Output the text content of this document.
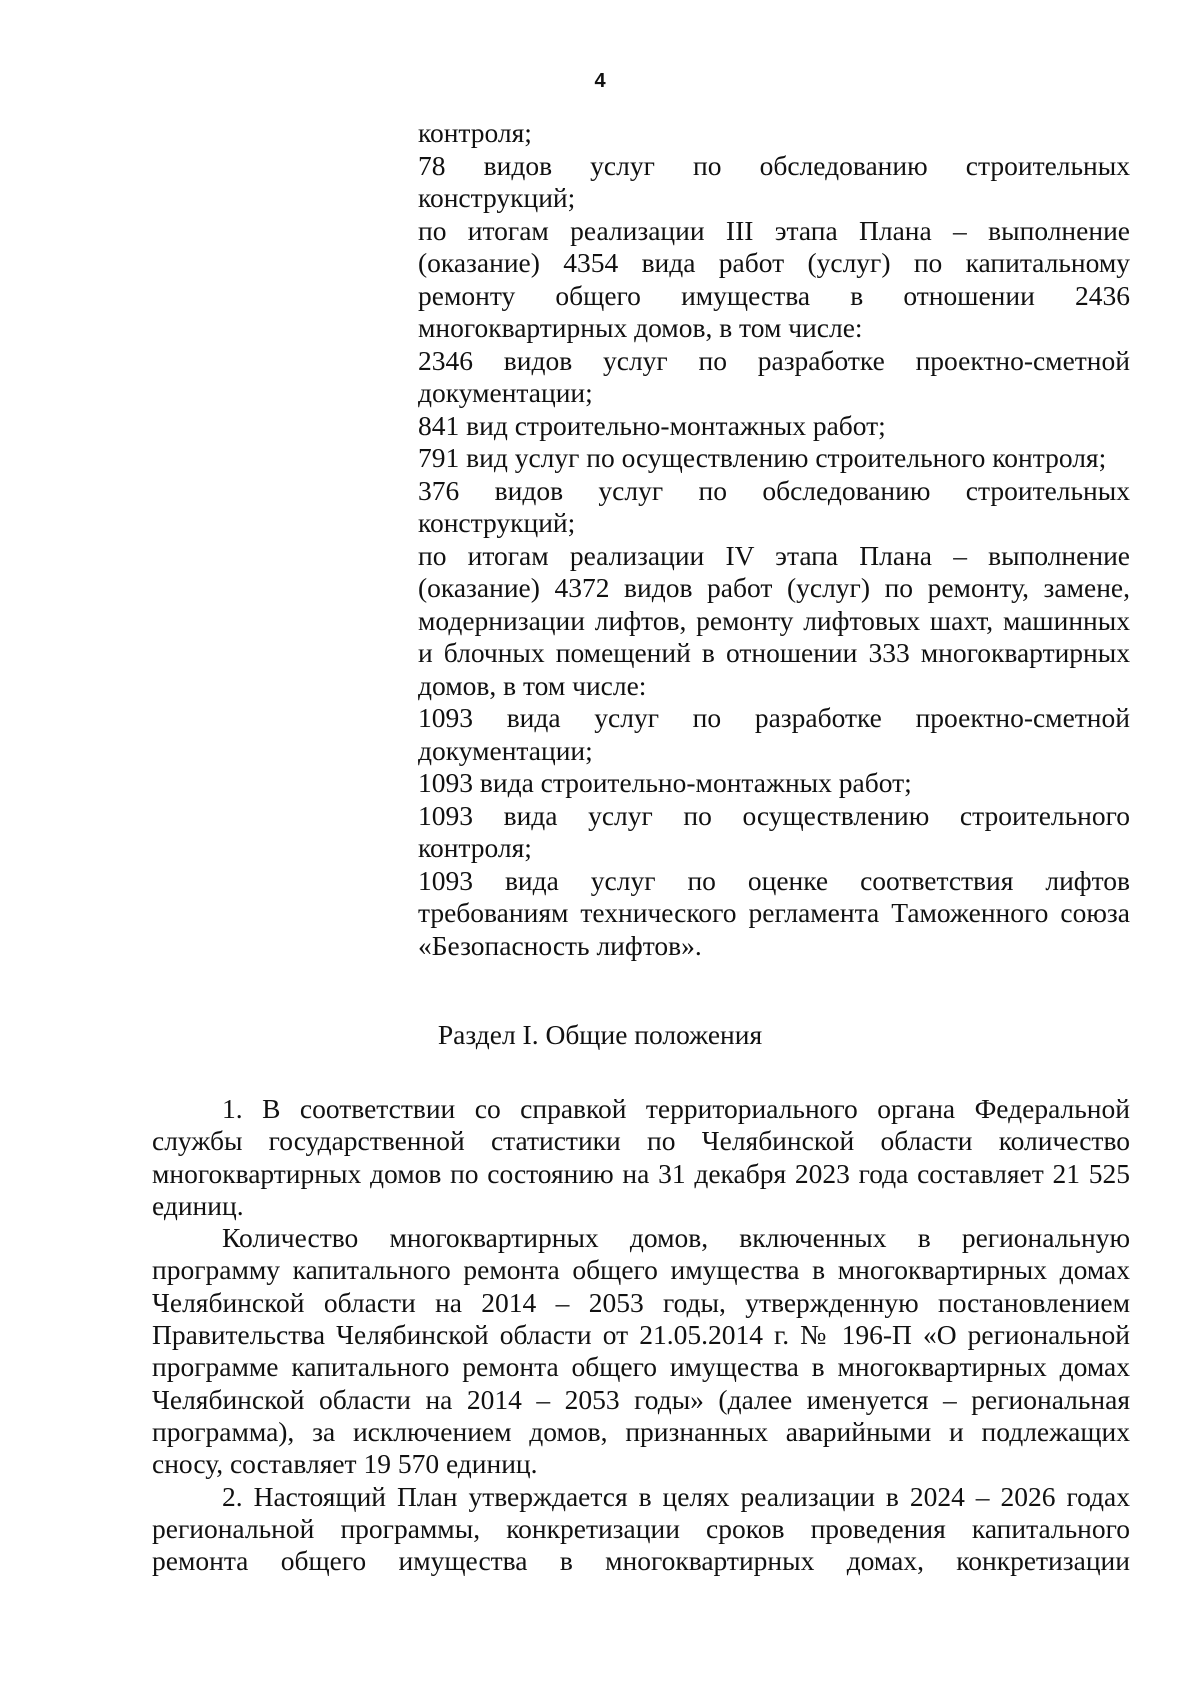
4

контроля;

78 видов услуг по обследованию строительных конструкций;

по итогам реализации III этапа Плана – выполнение (оказание) 4354 вида работ (услуг) по капитальному ремонту общего имущества в отношении 2436 многоквартирных домов, в том числе:

2346 видов услуг по разработке проектно-сметной документации;

841 вид строительно-монтажных работ;

791 вид услуг по осуществлению строительного контроля;

376 видов услуг по обследованию строительных конструкций;

по итогам реализации IV этапа Плана – выполнение (оказание) 4372 видов работ (услуг) по ремонту, замене, модернизации лифтов, ремонту лифтовых шахт, машинных и блочных помещений в отношении 333 многоквартирных домов, в том числе:

1093 вида услуг по разработке проектно-сметной документации;

1093 вида строительно-монтажных работ;

1093 вида услуг по осуществлению строительного контроля;

1093 вида услуг по оценке соответствия лифтов требованиям технического регламента Таможенного союза «Безопасность лифтов».

Раздел I. Общие положения

1. В соответствии со справкой территориального органа Федеральной службы государственной статистики по Челябинской области количество многоквартирных домов по состоянию на 31 декабря 2023 года составляет 21 525 единиц.

Количество многоквартирных домов, включенных в региональную программу капитального ремонта общего имущества в многоквартирных домах Челябинской области на 2014 – 2053 годы, утвержденную постановлением Правительства Челябинской области от 21.05.2014 г. № 196-П «О региональной программе капитального ремонта общего имущества в многоквартирных домах Челябинской области на 2014 – 2053 годы» (далее именуется – региональная программа), за исключением домов, признанных аварийными и подлежащих сносу, составляет 19 570 единиц.

2. Настоящий План утверждается в целях реализации в 2024 – 2026 годах региональной программы, конкретизации сроков проведения капитального ремонта общего имущества в многоквартирных домах, конкретизации
